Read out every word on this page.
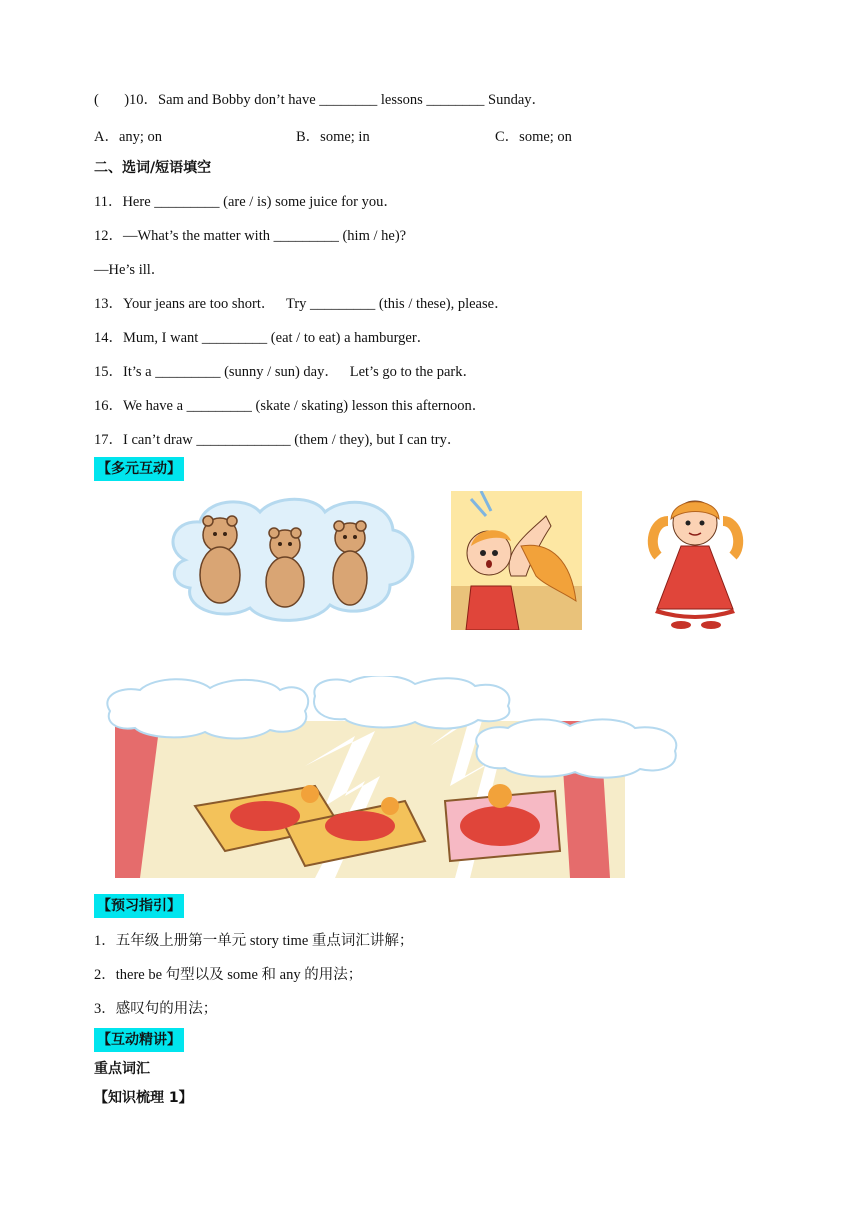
(       )10．Sam and Bobby don’t have ________ lessons ________ Sunday．
A．any; on	B．some; in	C．some; on
二、选词/短语填空
11．Here _________ (are / is) some juice for you．
12．—What’s the matter with _________ (him / he)?
—He’s ill．
13．Your jeans are too short．   Try _________ (this / these), please．
14．Mum, I want _________ (eat / to eat) a hamburger．
15．It’s a _________ (sunny / sun) day．   Let’s go to the park．
16．We have a _________ (skate / skating) lesson this afternoon．
17．I can’t draw _____________ (them / they), but I can try．
【多元互动】
【预习指引】
1．五年级上册第一单元 story time 重点词汇讲解；
2．there be 句型以及 some 和 any 的用法；
3．感叹句的用法；
【互动精讲】
重点词汇
【知识梳理 1】
